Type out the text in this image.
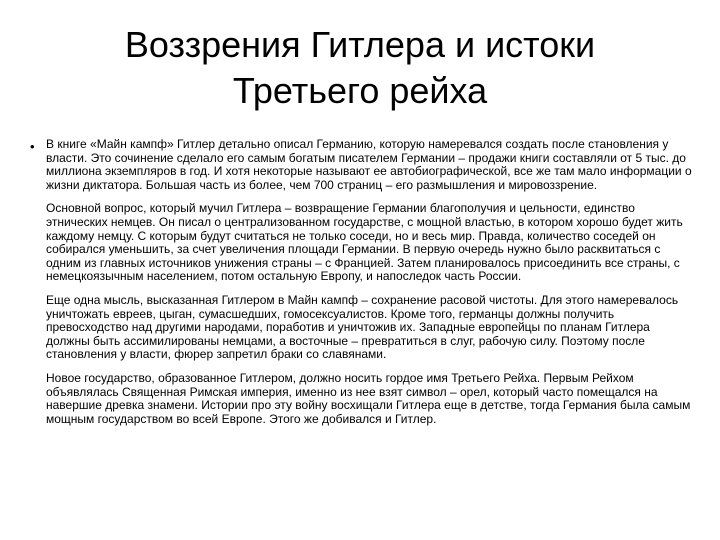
Воззрения Гитлера и истоки
Третьего рейха
• В книге «Майн кампф» Гитлер детально описал Германию, которую намеревался создать после становления у власти. Это сочинение сделало его самым богатым писателем Германии – продажи книги составляли от 5 тыс. до миллиона экземпляров в год. И хотя некоторые называют ее автобиографической, все же там мало информации о жизни диктатора. Большая часть из более, чем 700 страниц – его размышления и мировоззрение.

Основной вопрос, который мучил Гитлера – возвращение Германии благополучия и цельности, единство этнических немцев. Он писал о централизованном государстве, с мощной властью, в котором хорошо будет жить каждому немцу. С которым будут считаться не только соседи, но и весь мир. Правда, количество соседей он собирался уменьшить, за счет увеличения площади Германии. В первую очередь нужно было расквитаться с одним из главных источников унижения страны – с Францией. Затем планировалось присоединить все страны, с немецкоязычным населением, потом остальную Европу, и напоследок часть России.

Еще одна мысль, высказанная Гитлером в Майн кампф – сохранение расовой чистоты. Для этого намеревалось уничтожать евреев, цыган, сумасшедших, гомосексуалистов. Кроме того, германцы должны получить превосходство над другими народами, поработив и уничтожив их. Западные европейцы по планам Гитлера должны быть ассимилированы немцами, а восточные – превратиться в слуг, рабочую силу. Поэтому после становления у власти, фюрер запретил браки со славянами.

Новое государство, образованное Гитлером, должно носить гордое имя Третьего Рейха. Первым Рейхом объявлялась Священная Римская империя, именно из нее взят символ – орел, который часто помещался на навершие древка знамени. Истории про эту войну восхищали Гитлера еще в детстве, тогда Германия была самым мощным государством во всей Европе. Этого же добивался и Гитлер.
